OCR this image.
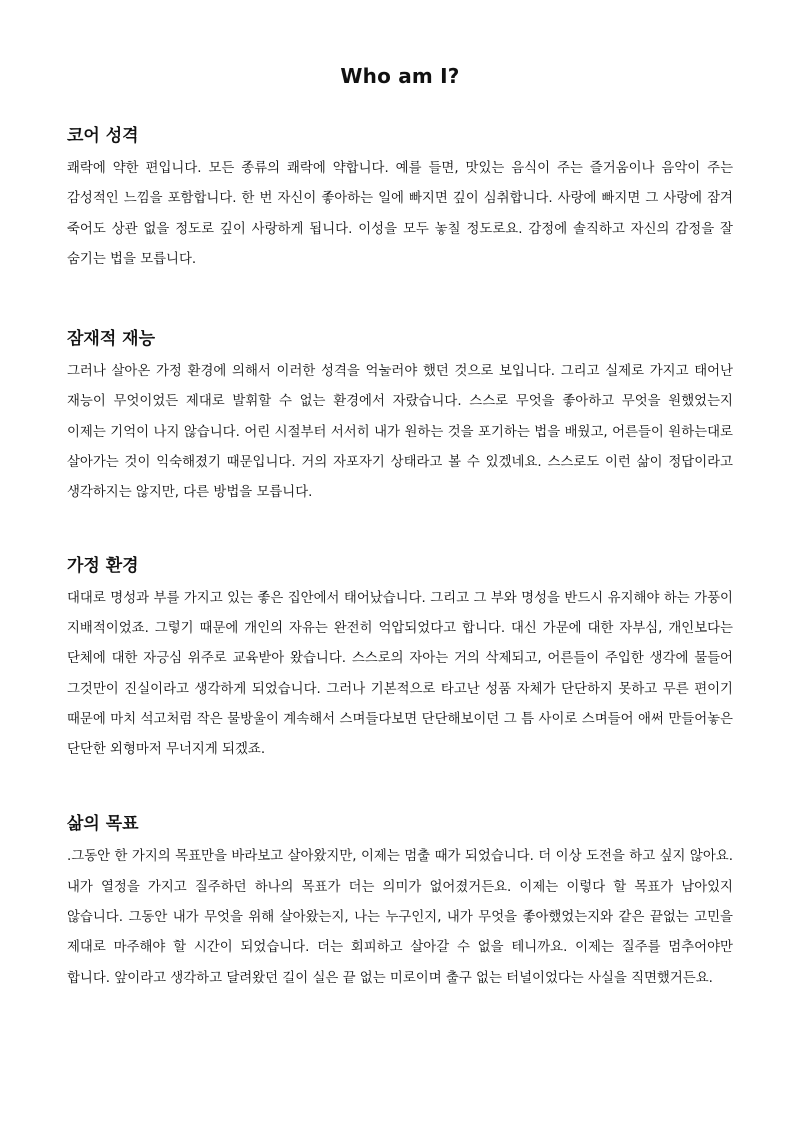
Who am I?
코어 성격

쾌락에 약한 편입니다. 모든 종류의 쾌락에 약합니다. 예를 들면, 맛있는 음식이 주는 즐거움이나 음악이 주는 감성적인 느낌을 포함합니다. 한 번 자신이 좋아하는 일에 빠지면 깊이 심취합니다. 사랑에 빠지면 그 사랑에 잠겨 죽어도 상관 없을 정도로 깊이 사랑하게 됩니다. 이성을 모두 놓칠 정도로요. 감정에 솔직하고 자신의 감정을 잘 숨기는 법을 모릅니다.

잠재적 재능

그러나 살아온 가정 환경에 의해서 이러한 성격을 억눌러야 했던 것으로 보입니다. 그리고 실제로 가지고 태어난 재능이 무엇이었든 제대로 발휘할 수 없는 환경에서 자랐습니다. 스스로 무엇을 좋아하고 무엇을 원했었는지 이제는 기억이 나지 않습니다. 어린 시절부터 서서히 내가 원하는 것을 포기하는 법을 배웠고, 어른들이 원하는대로 살아가는 것이 익숙해졌기 때문입니다. 거의 자포자기 상태라고 볼 수 있겠네요. 스스로도 이런 삶이 정답이라고 생각하지는 않지만, 다른 방법을 모릅니다.

가정 환경

대대로 명성과 부를 가지고 있는 좋은 집안에서 태어났습니다. 그리고 그 부와 명성을 반드시 유지해야 하는 가풍이 지배적이었죠. 그렇기 때문에 개인의 자유는 완전히 억압되었다고 합니다. 대신 가문에 대한 자부심, 개인보다는 단체에 대한 자긍심 위주로 교육받아 왔습니다. 스스로의 자아는 거의 삭제되고, 어른들이 주입한 생각에 물들어 그것만이 진실이라고 생각하게 되었습니다. 그러나 기본적으로 타고난 성품 자체가 단단하지 못하고 무른 편이기 때문에 마치 석고처럼 작은 물방울이 계속해서 스며들다보면 단단해보이던 그 틈 사이로 스며들어 애써 만들어놓은 단단한 외형마저 무너지게 되겠죠.

삶의 목표

.그동안 한 가지의 목표만을 바라보고 살아왔지만, 이제는 멈출 때가 되었습니다. 더 이상 도전을 하고 싶지 않아요. 내가 열정을 가지고 질주하던 하나의 목표가 더는 의미가 없어졌거든요. 이제는 이렇다 할 목표가 남아있지 않습니다. 그동안 내가 무엇을 위해 살아왔는지, 나는 누구인지, 내가 무엇을 좋아했었는지와 같은 끝없는 고민을 제대로 마주해야 할 시간이 되었습니다. 더는 회피하고 살아갈 수 없을 테니까요. 이제는 질주를 멈추어야만 합니다. 앞이라고 생각하고 달려왔던 길이 실은 끝 없는 미로이며 출구 없는 터널이었다는 사실을 직면했거든요.
